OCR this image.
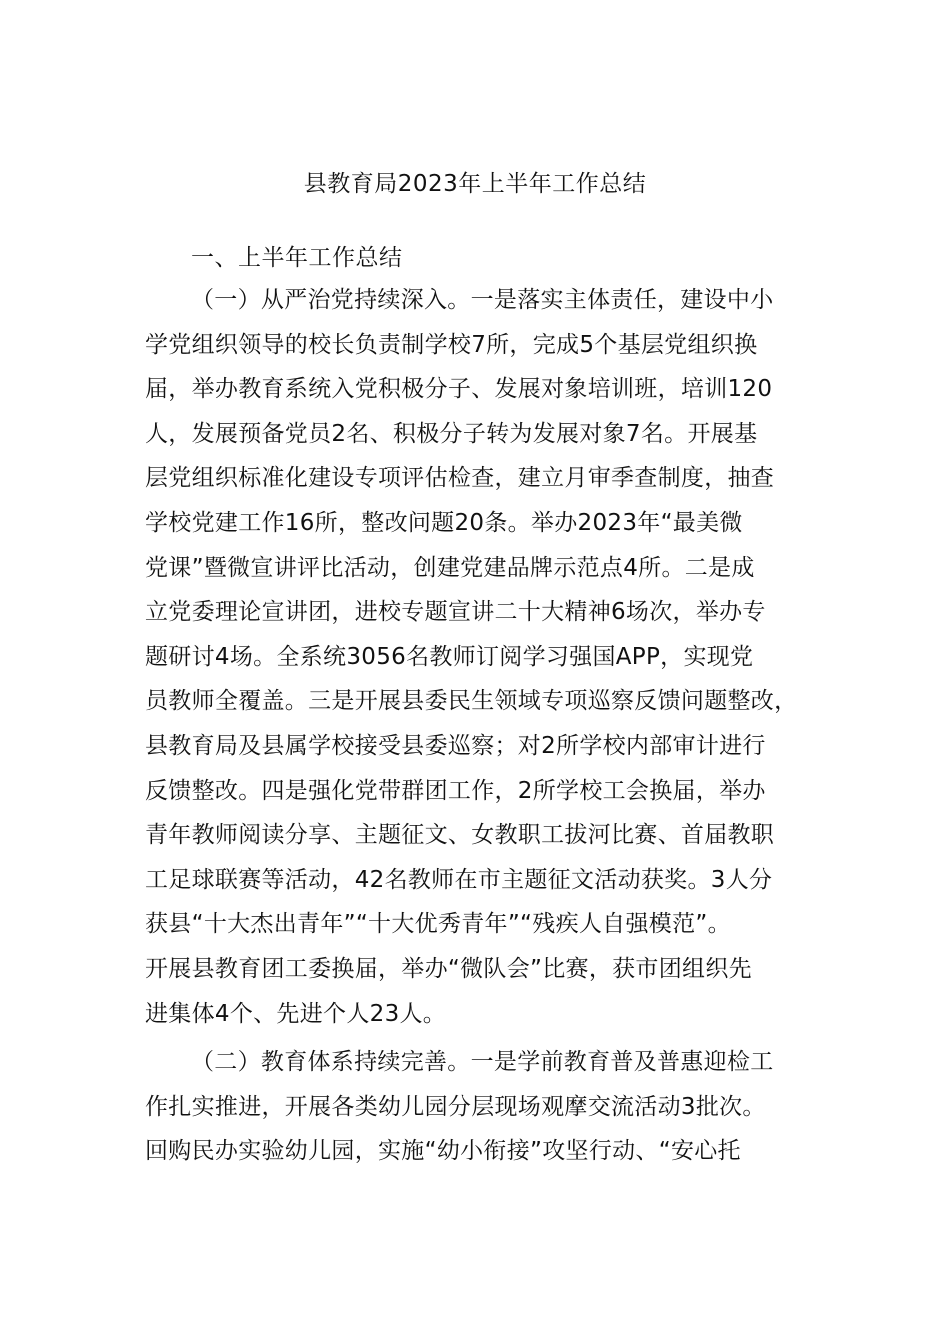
县教育局2023年上半年工作总结
一、上半年工作总结
（一）从严治党持续深入。一是落实主体责任，建设中小
学党组织领导的校长负责制学校7所，完成5个基层党组织换
届，举办教育系统入党积极分子、发展对象培训班，培训120
人，发展预备党员2名、积极分子转为发展对象7名。开展基
层党组织标准化建设专项评估检查，建立月审季查制度，抽查
学校党建工作16所，整改问题20条。举办2023年“最美微
党课”暨微宣讲评比活动，创建党建品牌示范点4所。二是成
立党委理论宣讲团，进校专题宣讲二十大精神6场次，举办专
题研讨4场。全系统3056名教师订阅学习强国APP，实现党
员教师全覆盖。三是开展县委民生领域专项巡察反馈问题整改，
县教育局及县属学校接受县委巡察；对2所学校内部审计进行
反馈整改。四是强化党带群团工作，2所学校工会换届，举办
青年教师阅读分享、主题征文、女教职工拔河比赛、首届教职
工足球联赛等活动，42名教师在市主题征文活动获奖。3人分
获县“十大杰出青年”“十大优秀青年”“残疾人自强模范”。
开展县教育团工委换届，举办“微队会”比赛，获市团组织先
进集体4个、先进个人23人。
（二）教育体系持续完善。一是学前教育普及普惠迎检工
作扎实推进，开展各类幼儿园分层现场观摩交流活动3批次。
回购民办实验幼儿园，实施“幼小衔接”攻坚行动、“安心托
